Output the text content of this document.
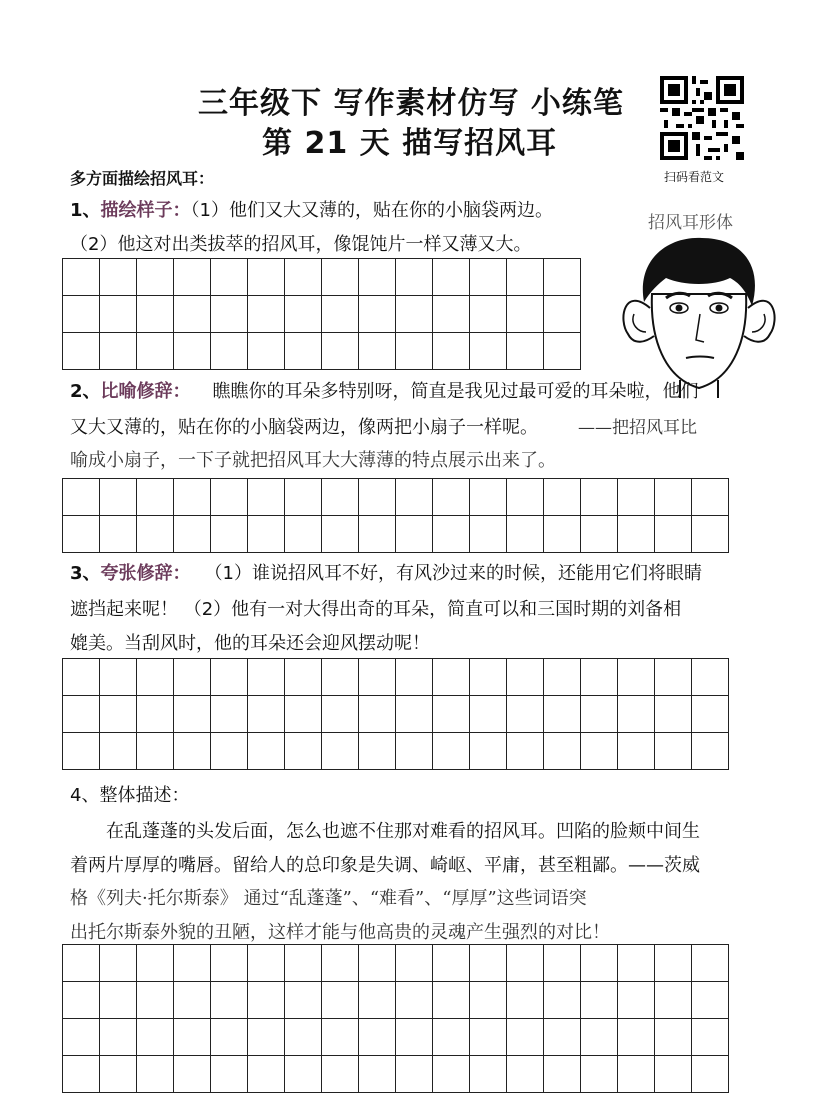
三年级下 写作素材仿写 小练笔
第 21 天 描写招风耳
扫码看范文
招风耳形体
多方面描绘招风耳：
1、描绘样子：（1）他们又大又薄的，贴在你的小脑袋两边。
（2）他这对出类拔萃的招风耳，像馄饨片一样又薄又大。

2、比喻修辞： 瞧瞧你的耳朵多特别呀，简直是我见过最可爱的耳朵啦，他们
又大又薄的，贴在你的小脑袋两边，像两把小扇子一样呢。 ——把招风耳比
喻成小扇子，一下子就把招风耳大大薄薄的特点展示出来了。

3、夸张修辞： （1）谁说招风耳不好，有风沙过来的时候，还能用它们将眼睛
遮挡起来呢！ （2）他有一对大得出奇的耳朵，简直可以和三国时期的刘备相
媲美。当刮风时，他的耳朵还会迎风摆动呢！

4、整体描述：
在乱蓬蓬的头发后面，怎么也遮不住那对难看的招风耳。凹陷的脸颊中间生
着两片厚厚的嘴唇。留给人的总印象是失调、崎岖、平庸，甚至粗鄙。——茨威
格《列夫·托尔斯泰》 通过“乱蓬蓬”、“难看”、“厚厚”这些词语突
出托尔斯泰外貌的丑陋，这样才能与他高贵的灵魂产生强烈的对比！
